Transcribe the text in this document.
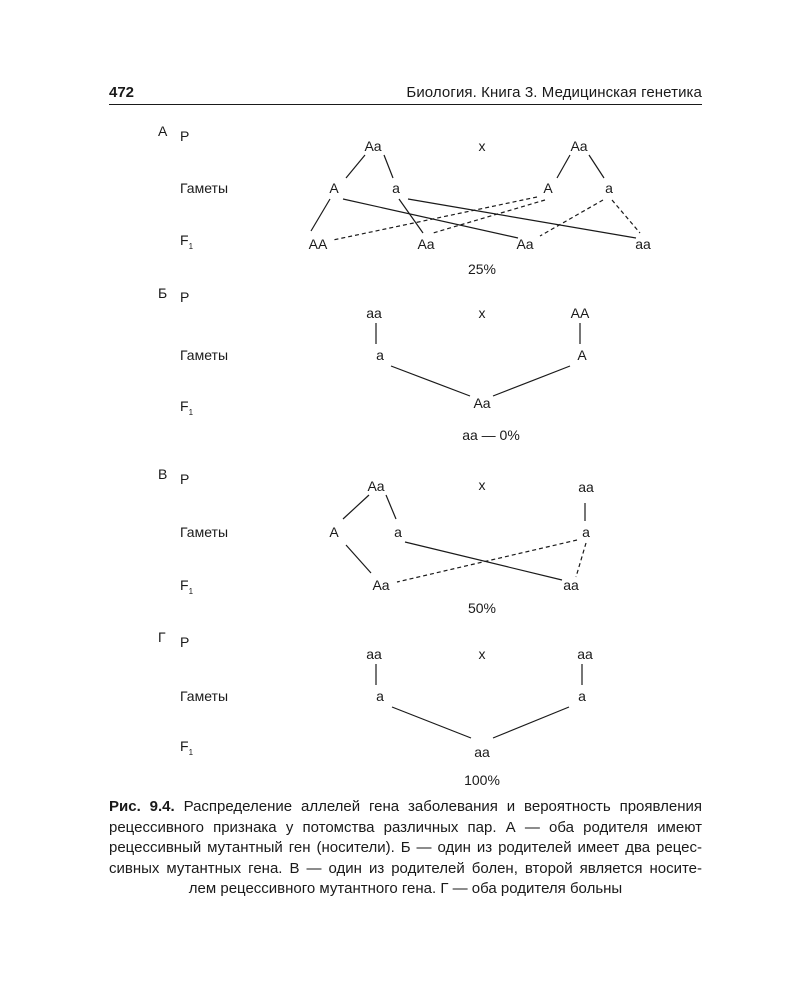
472	Биология. Книга 3. Медицинская генетика
А P
Гаметы
$F_1$
Aa	x	Aa
A	a	A	a
AA	Aa	Aa	aa
25%
Б P
Гаметы
$F_1$
aa	x	AA
a	A
Aa
aa — 0%
В P
Гаметы
$F_1$
Aa	x	aa
A	a	a
Aa	aa
50%
Г P
Гаметы
$F_1$
aa	x	aa
a	a
aa
100%
Рис. 9.4. Распределение аллелей гена заболевания и вероятность проявления
рецессивного признака у потомства различных пар. А — оба родителя имеют
рецессивный мутантный ген (носители). Б — один из родителей имеет два рецес-
сивных мутантных гена. В — один из родителей болен, второй является носите-
лем рецессивного мутантного гена. Г — оба родителя больны
